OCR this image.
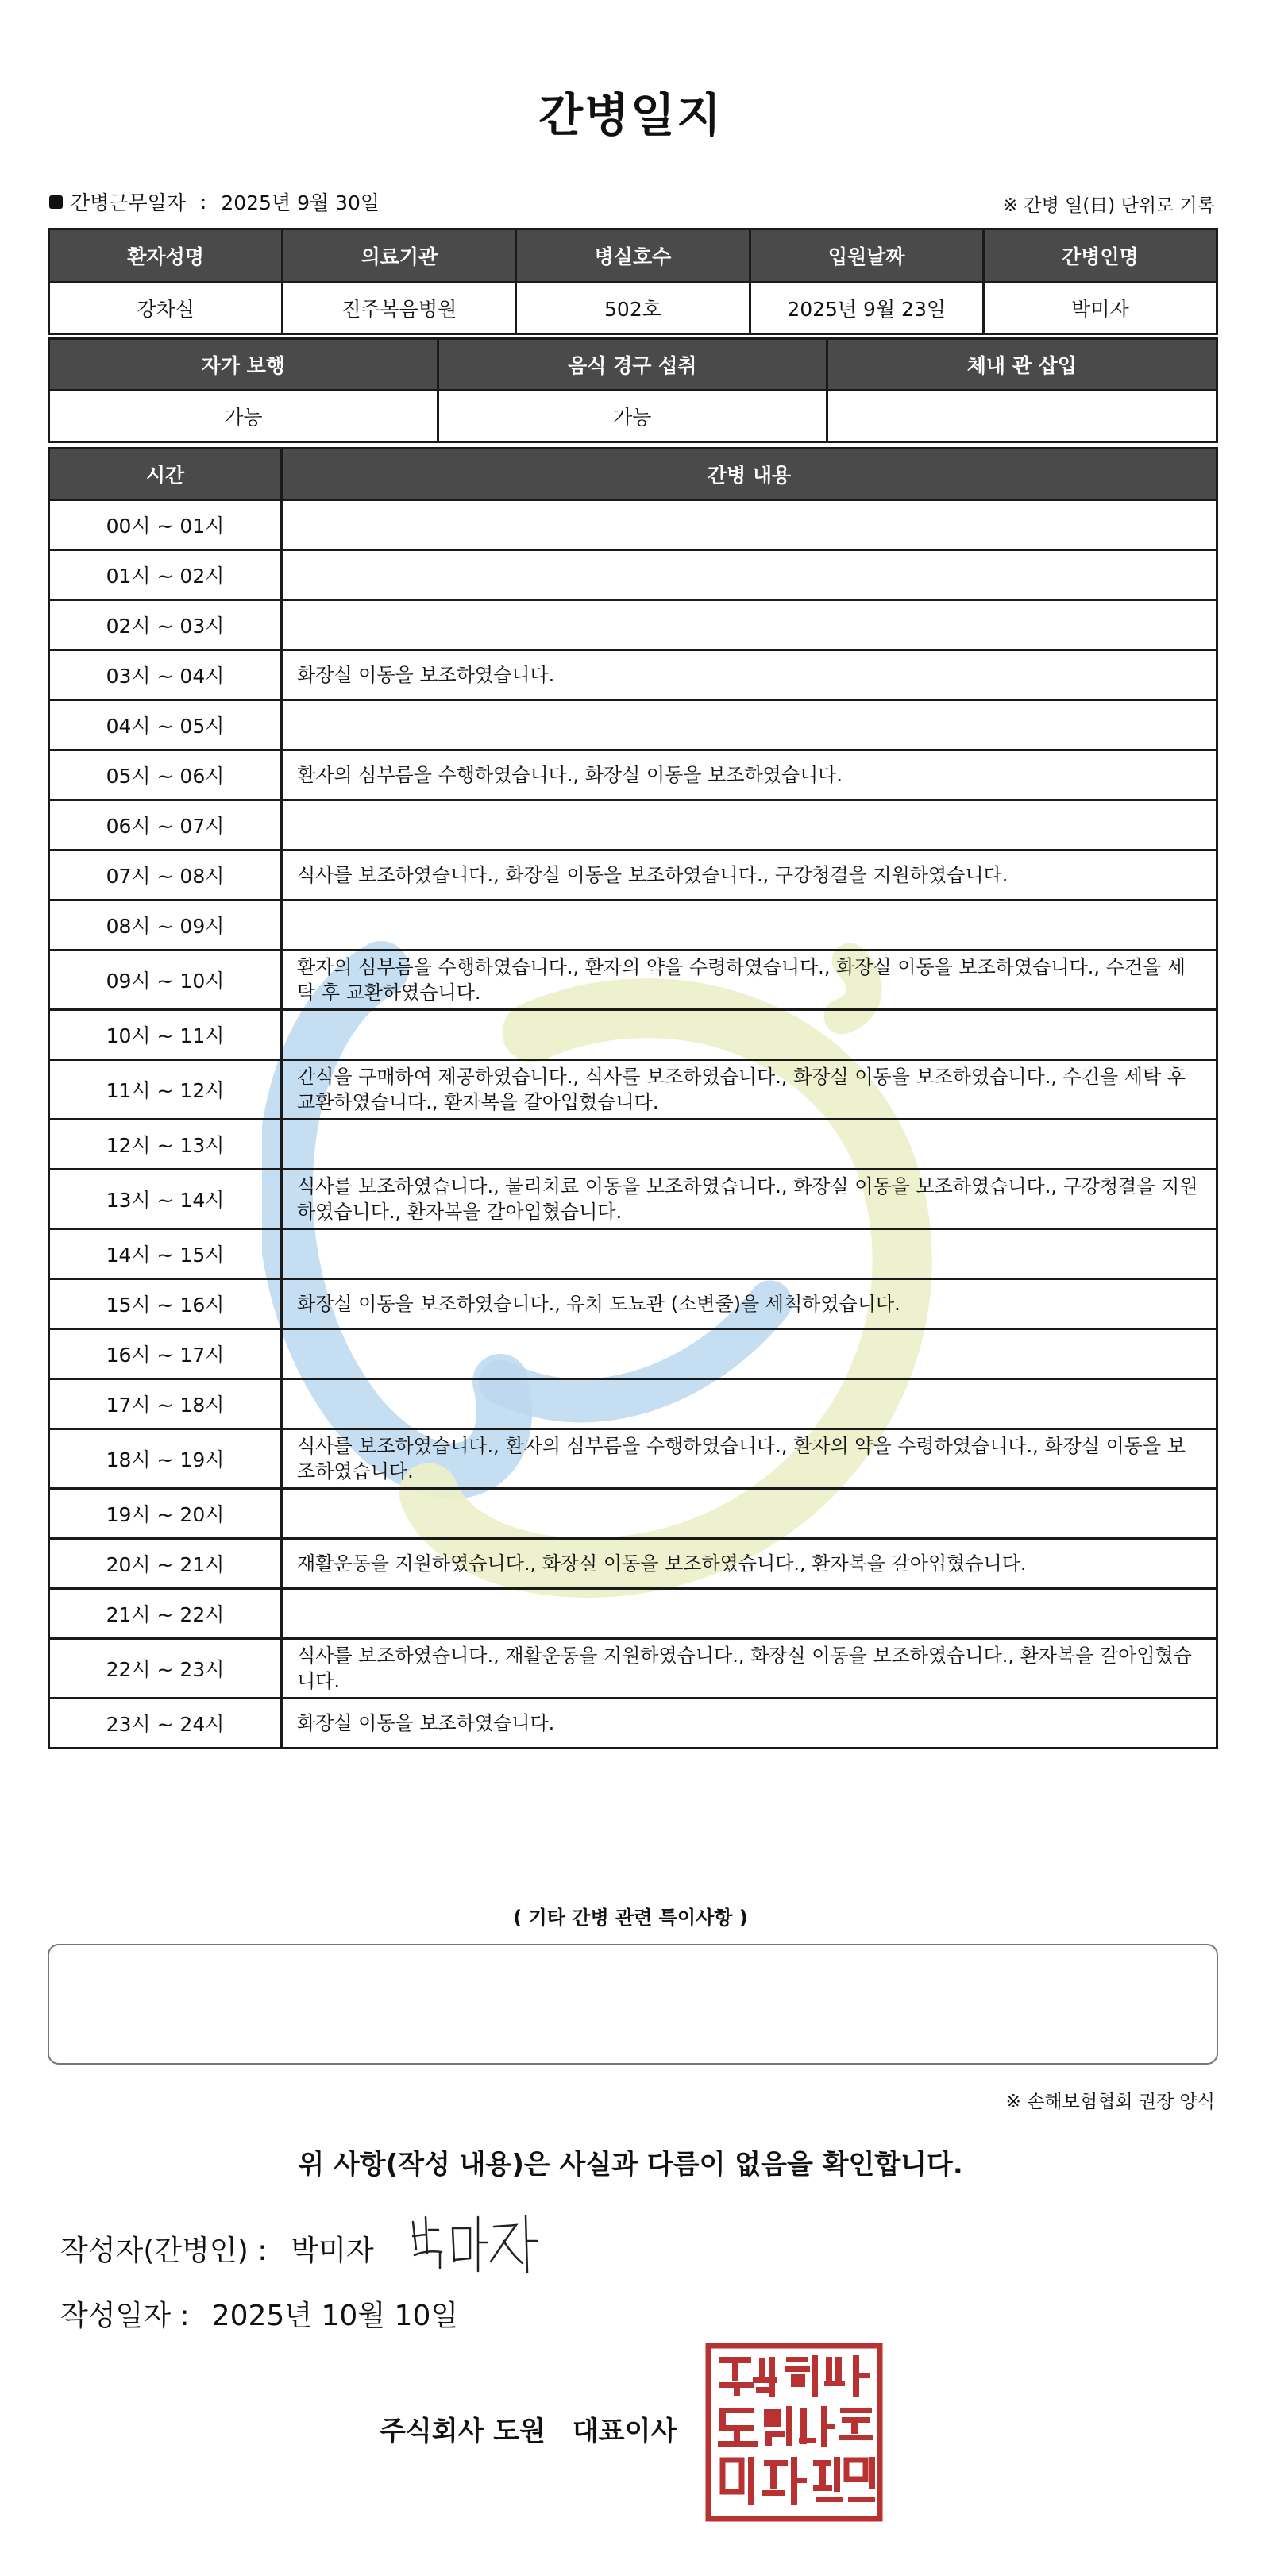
간병일지
간병근무일자 : 2025년 9월 30일	※ 간병 일(日) 단위로 기록
환자성명	의료기관	병실호수	입원날짜	간병인명
강차실	진주복음병원	502호	2025년 9월 23일	박미자
자가 보행	음식 경구 섭취	체내 관 삽입
가능	가능	
시간	간병 내용
00시 ~ 01시	
01시 ~ 02시	
02시 ~ 03시	
03시 ~ 04시	화장실 이동을 보조하였습니다.
04시 ~ 05시	
05시 ~ 06시	환자의 심부름을 수행하였습니다., 화장실 이동을 보조하였습니다.
06시 ~ 07시	
07시 ~ 08시	식사를 보조하였습니다., 화장실 이동을 보조하였습니다., 구강청결을 지원하였습니다.
08시 ~ 09시	
09시 ~ 10시	환자의 심부름을 수행하였습니다., 환자의 약을 수령하였습니다., 화장실 이동을 보조하였습니다., 수건을 세탁 후 교환하였습니다.
10시 ~ 11시	
11시 ~ 12시	간식을 구매하여 제공하였습니다., 식사를 보조하였습니다., 화장실 이동을 보조하였습니다., 수건을 세탁 후 교환하였습니다., 환자복을 갈아입혔습니다.
12시 ~ 13시	
13시 ~ 14시	식사를 보조하였습니다., 물리치료 이동을 보조하였습니다., 화장실 이동을 보조하였습니다., 구강청결을 지원하였습니다., 환자복을 갈아입혔습니다.
14시 ~ 15시	
15시 ~ 16시	화장실 이동을 보조하였습니다., 유치 도뇨관 (소변줄)을 세척하였습니다.
16시 ~ 17시	
17시 ~ 18시	
18시 ~ 19시	식사를 보조하였습니다., 환자의 심부름을 수행하였습니다., 환자의 약을 수령하였습니다., 화장실 이동을 보조하였습니다.
19시 ~ 20시	
20시 ~ 21시	재활운동을 지원하였습니다., 화장실 이동을 보조하였습니다., 환자복을 갈아입혔습니다.
21시 ~ 22시	
22시 ~ 23시	식사를 보조하였습니다., 재활운동을 지원하였습니다., 화장실 이동을 보조하였습니다., 환자복을 갈아입혔습니다.
23시 ~ 24시	화장실 이동을 보조하였습니다.
( 기타 간병 관련 특이사항 )
※ 손해보험협회 권장 양식
위 사항(작성 내용)은 사실과 다름이 없음을 확인합니다.
작성자(간병인) : 박미자
작성일자 : 2025년 10월 10일
주식회사 도원 대표이사
